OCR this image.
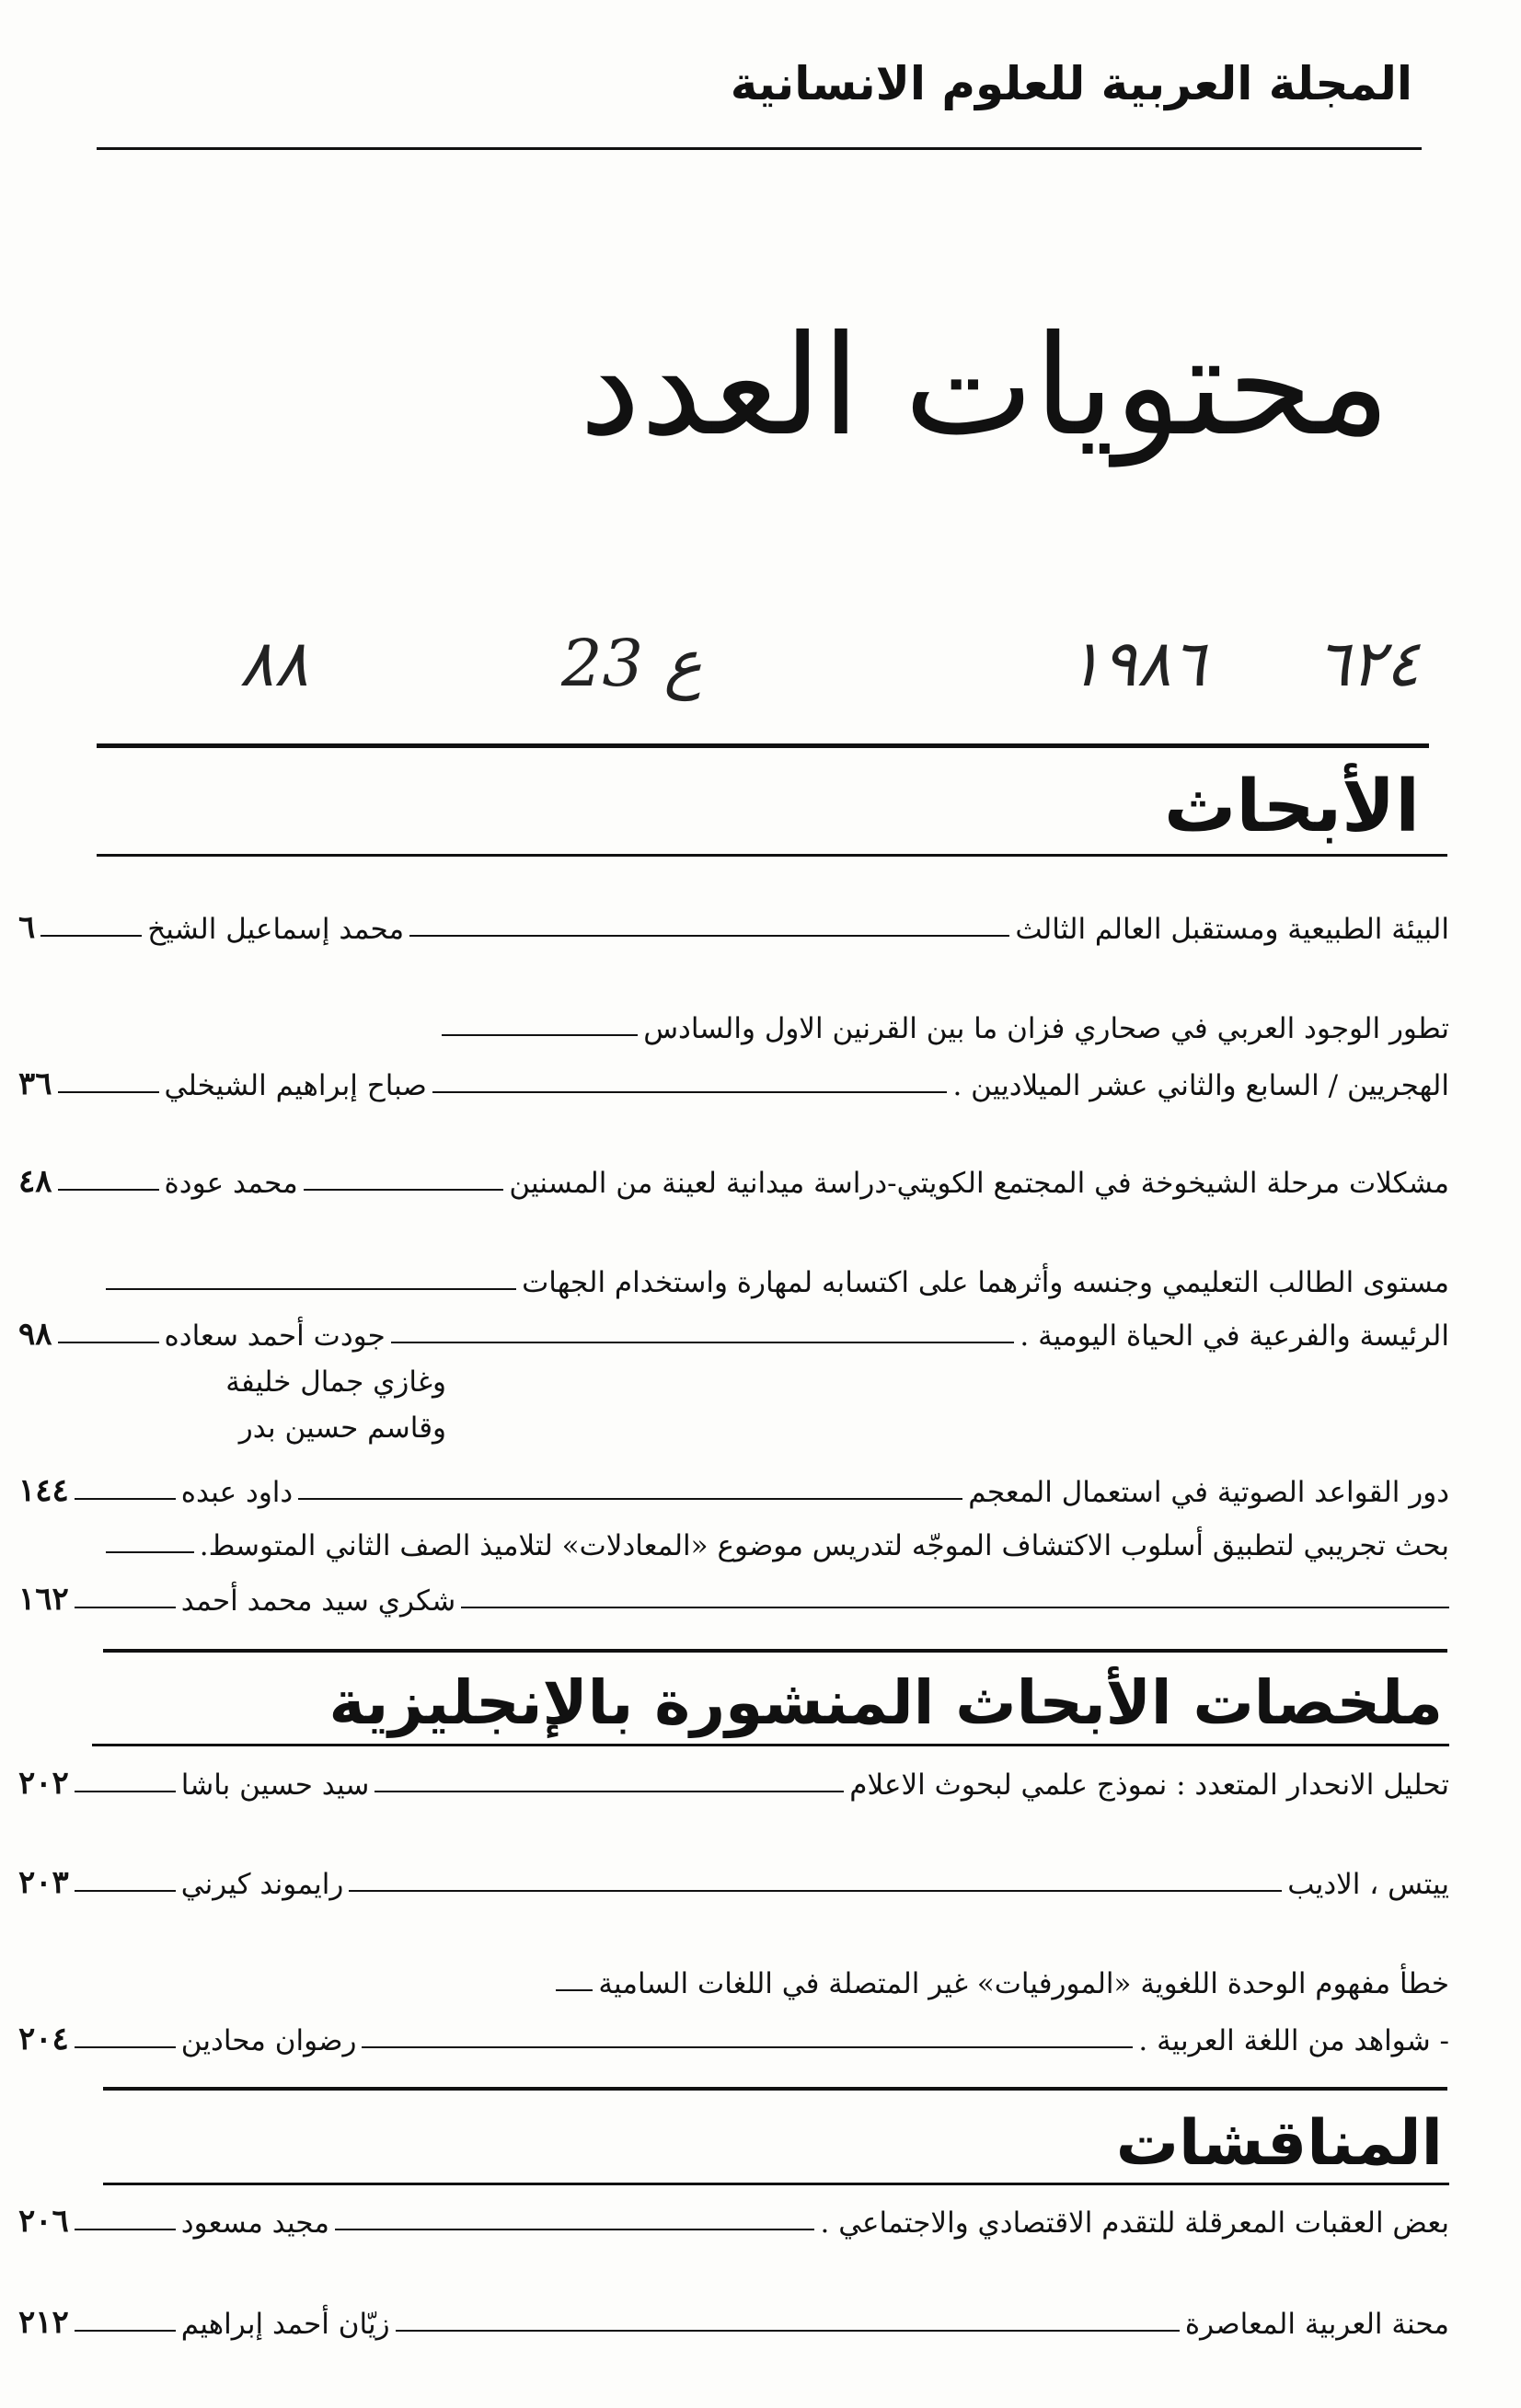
المجلة العربية للعلوم الانسانية
محتويات العدد
٦٢٤
١٩٨٦
ع 23
٨٨
الأبحاث
البيئة الطبيعية ومستقبل العالم الثالث
محمد إسماعيل الشيخ
٦
تطور الوجود العربي في صحاري فزان ما بين القرنين الاول والسادس
الهجريين / السابع والثاني عشر الميلاديين .
صباح إبراهيم الشيخلي
٣٦
مشكلات مرحلة الشيخوخة في المجتمع الكويتي-دراسة ميدانية لعينة من المسنين
محمد عودة
٤٨
مستوى الطالب التعليمي وجنسه وأثرهما على اكتسابه لمهارة واستخدام الجهات
الرئيسة والفرعية في الحياة اليومية .
جودت أحمد سعاده
٩٨
وغازي جمال خليفة
وقاسم حسين بدر
دور القواعد الصوتية في استعمال المعجم
داود عبده
١٤٤
بحث تجريبي لتطبيق أسلوب الاكتشاف الموجّه لتدريس موضوع «المعادلات» لتلاميذ الصف الثاني المتوسط.
شكري سيد محمد أحمد
١٦٢
ملخصات الأبحاث المنشورة بالإنجليزية
تحليل الانحدار المتعدد : نموذج علمي لبحوث الاعلام
سيد حسين باشا
٢٠٢
ييتس ، الاديب
رايموند كيرني
٢٠٣
خطأ مفهوم الوحدة اللغوية «المورفيات» غير المتصلة في اللغات السامية
- شواهد من اللغة العربية .
رضوان محادين
٢٠٤
المناقشات
بعض العقبات المعرقلة للتقدم الاقتصادي والاجتماعي .
مجيد مسعود
٢٠٦
محنة العربية المعاصرة
زيّان أحمد إبراهيم
٢١٢
